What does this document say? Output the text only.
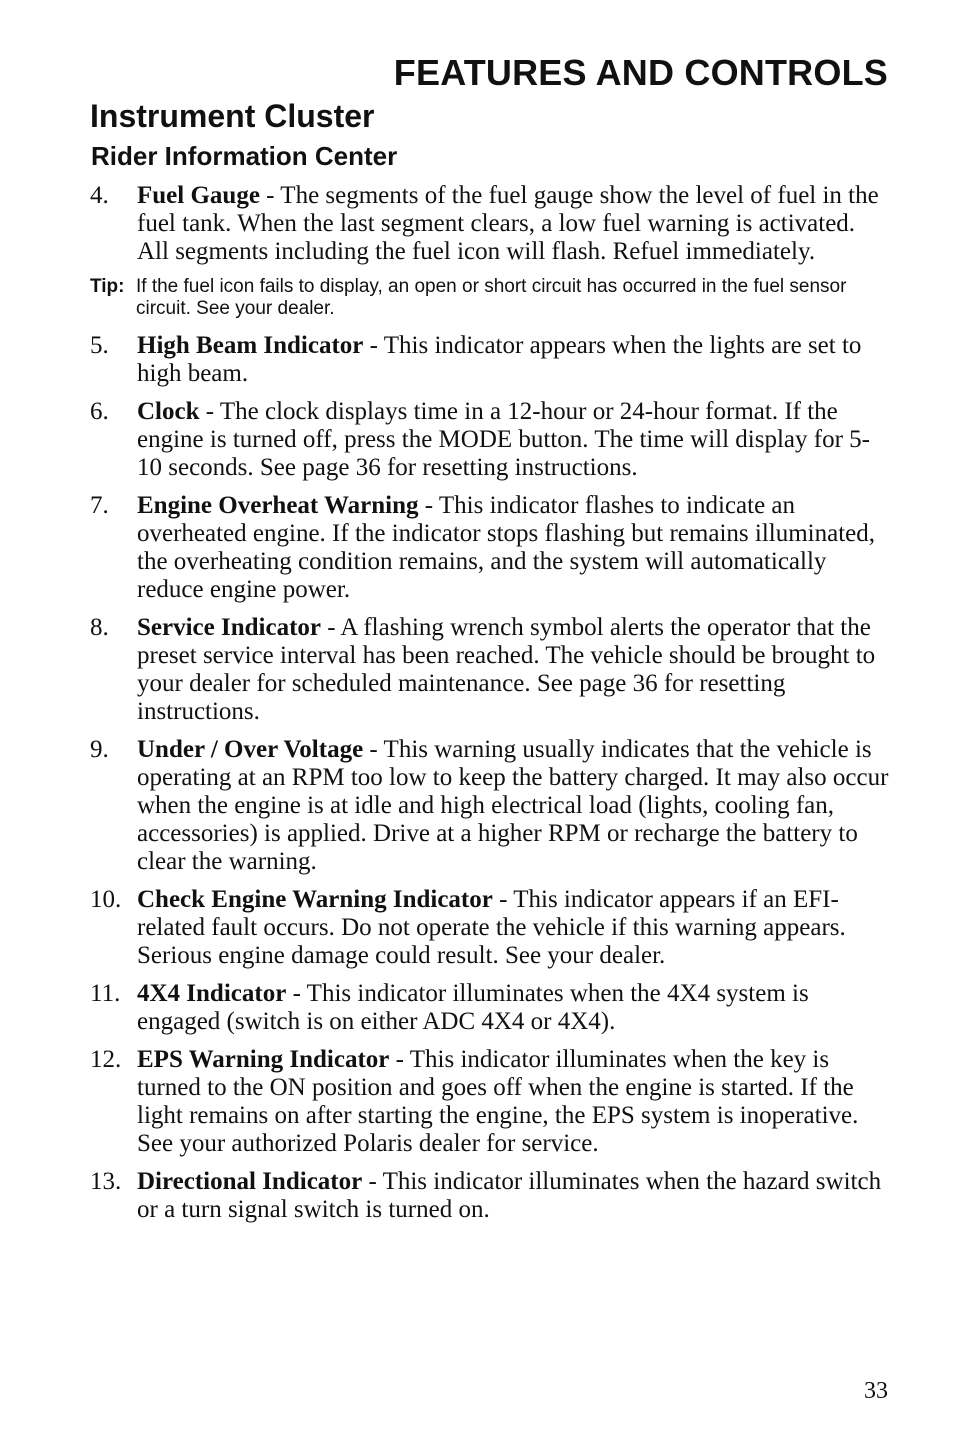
FEATURES AND CONTROLS
Instrument Cluster
Rider Information Center
4. Fuel Gauge - The segments of the fuel gauge show the level of fuel in the fuel tank. When the last segment clears, a low fuel warning is activated. All segments including the fuel icon will flash. Refuel immediately.
Tip: If the fuel icon fails to display, an open or short circuit has occurred in the fuel sensor circuit. See your dealer.
5. High Beam Indicator - This indicator appears when the lights are set to high beam.
6. Clock - The clock displays time in a 12-hour or 24-hour format. If the engine is turned off, press the MODE button. The time will display for 5-10 seconds. See page 36 for resetting instructions.
7. Engine Overheat Warning - This indicator flashes to indicate an overheated engine. If the indicator stops flashing but remains illuminated, the overheating condition remains, and the system will automatically reduce engine power.
8. Service Indicator - A flashing wrench symbol alerts the operator that the preset service interval has been reached. The vehicle should be brought to your dealer for scheduled maintenance. See page 36 for resetting instructions.
9. Under / Over Voltage - This warning usually indicates that the vehicle is operating at an RPM too low to keep the battery charged. It may also occur when the engine is at idle and high electrical load (lights, cooling fan, accessories) is applied. Drive at a higher RPM or recharge the battery to clear the warning.
10. Check Engine Warning Indicator - This indicator appears if an EFI-related fault occurs. Do not operate the vehicle if this warning appears. Serious engine damage could result. See your dealer.
11. 4X4 Indicator - This indicator illuminates when the 4X4 system is engaged (switch is on either ADC 4X4 or 4X4).
12. EPS Warning Indicator - This indicator illuminates when the key is turned to the ON position and goes off when the engine is started. If the light remains on after starting the engine, the EPS system is inoperative. See your authorized Polaris dealer for service.
13. Directional Indicator - This indicator illuminates when the hazard switch or a turn signal switch is turned on.
33
